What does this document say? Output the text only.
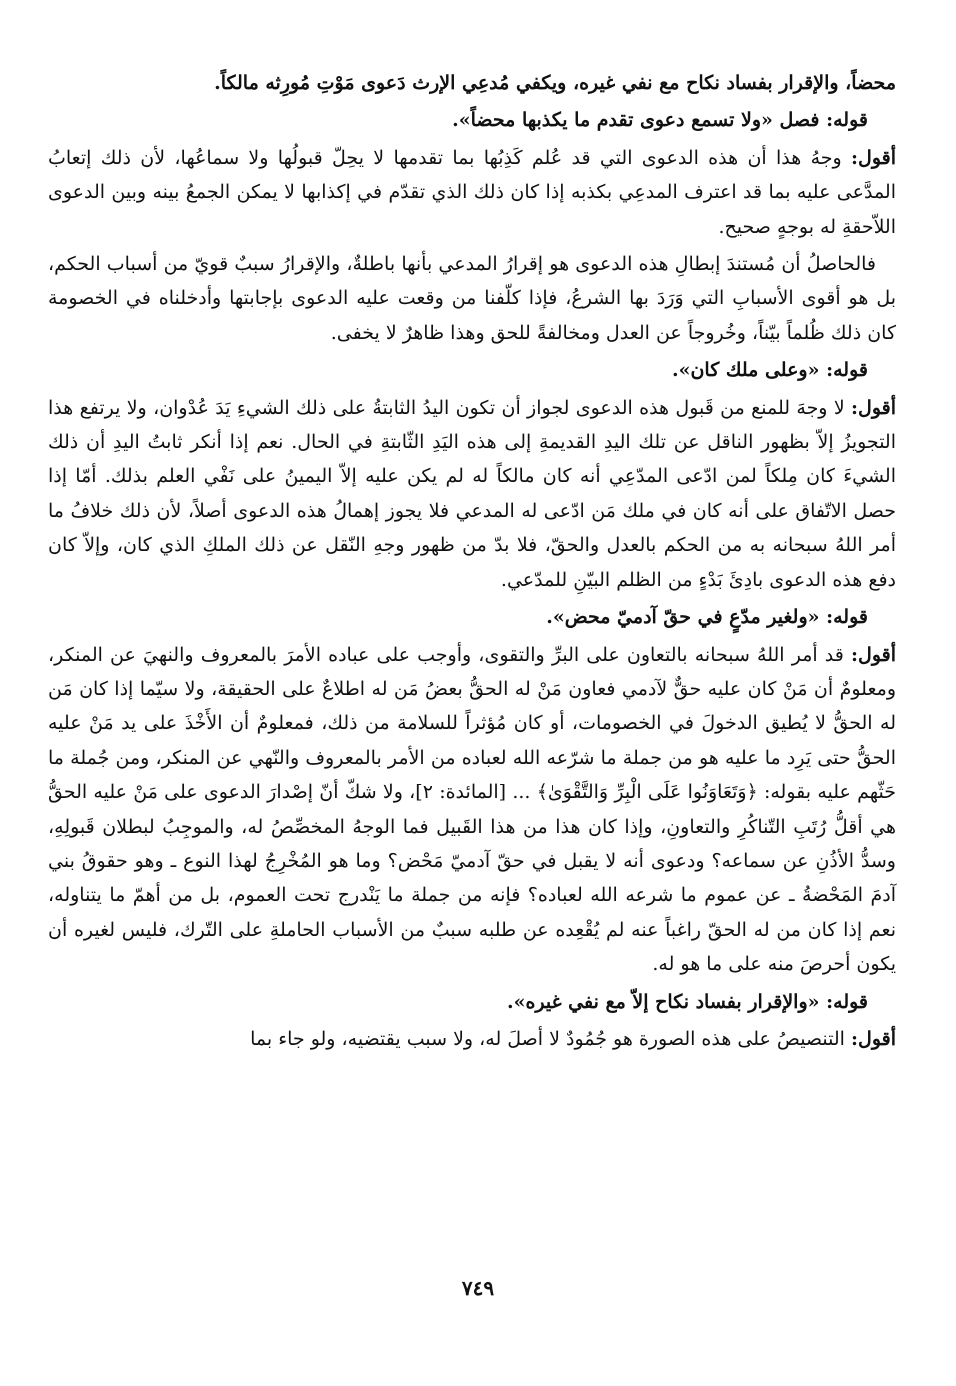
محضاً، والإقرار بفساد نكاح مع نفي غيره، ويكفي مُدعِي الإرث دَعوى مَوْتِ مُورِثه مالكاً.

قوله: فصل «ولا تسمع دعوى تقدم ما يكذبها محضاً».

أقول: وجهُ هذا أن هذه الدعوى التي قد عُلم كَذِبُها بما تقدمها لا يحِلّ قبولُها ولا سماعُها، لأن ذلك إتعابُ المدَّعى عليه بما قد اعترف المدعِي بكذبه إذا كان ذلك الذي تقدّم في إكذابها لا يمكن الجمعُ بينه وبين الدعوى اللاّحقةِ له بوجهٍ صحيح.

فالحاصلُ أن مُستندَ إبطالِ هذه الدعوى هو إقرارُ المدعي بأنها باطلةٌ، والإقرارُ سببٌ قويّ من أسباب الحكم، بل هو أقوى الأسبابِ التي وَرَدَ بها الشرعُ، فإذا كلّفنا من وقعت عليه الدعوى بإجابتها وأدخلناه في الخصومة كان ذلك ظُلماً بيّناً، وخُروجاً عن العدل ومخالفةً للحق وهذا ظاهرٌ لا يخفى.

قوله: «وعلى ملك كان».

أقول: لا وجهَ للمنع من قَبول هذه الدعوى لجواز أن تكون اليدُ الثابتةُ على ذلك الشيءِ يَدَ عُدْوان، ولا يرتفع هذا التجويزُ إلاّ بظهور الناقل عن تلك اليدِ القديمةِ إلى هذه اليَدِ الثّابتةِ في الحال. نعم إذا أنكر ثابتُ اليدِ أن ذلك الشيءَ كان مِلكاً لمن ادّعى المدّعِي أنه كان مالكاً له لم يكن عليه إلاّ اليمينُ على نَفْي العلم بذلك. أمّا إذا حصل الاتّفاق على أنه كان في ملك مَن ادّعى له المدعي فلا يجوز إهمالُ هذه الدعوى أصلاً، لأن ذلك خلافُ ما أمر اللهُ سبحانه به من الحكم بالعدل والحقّ، فلا بدّ من ظهور وجهِ النّقل عن ذلك الملكِ الذي كان، وإلاّ كان دفع هذه الدعوى بادِئَ بَدْءٍ من الظلم البيّنِ للمدّعي.

قوله: «ولغير مدّعٍ في حقّ آدميّ محض».

أقول: قد أمر اللهُ سبحانه بالتعاون على البرِّ والتقوى، وأوجب على عباده الأمرَ بالمعروف والنهيَ عن المنكر، ومعلومٌ أن مَنْ كان عليه حقٌّ لآدمي فعاون مَنْ له الحقُّ بعضُ مَن له اطلاعٌ على الحقيقة، ولا سيّما إذا كان مَن له الحقُّ لا يُطيق الدخولَ في الخصومات، أو كان مُؤثراً للسلامة من ذلك، فمعلومٌ أن الأَخْذَ على يد مَنْ عليه الحقُّ حتى يَرِد ما عليه هو من جملة ما شرّعه الله لعباده من الأمر بالمعروف والنّهي عن المنكر، ومن جُملة ما حَثّهم عليه بقوله: ﴿وَتَعَاوَنُوا عَلَى الْبِرِّ وَالتَّقْوَىٰ﴾ ... [المائدة: ٢]، ولا شكّ أنّ إصْدارَ الدعوى على مَنْ عليه الحقُّ هي أقلُّ رُتَبِ التّناكُرِ والتعاونِ، وإذا كان هذا من هذا القَبيل فما الوجهُ المخصِّصُ له، والموجِبُ لبطلان قَبولِهِ، وسدُّ الأذُنِ عن سماعه؟ ودعوى أنه لا يقبل في حقّ آدميّ مَحْض؟ وما هو المُخْرِجُ لهذا النوع ـ وهو حقوقُ بني آدمَ المَحْضةُ ـ عن عموم ما شرعه الله لعباده؟ فإنه من جملة ما يَنْدرج تحت العموم، بل من أهمّ ما يتناوله، نعم إذا كان من له الحقّ راغباً عنه لم يُقْعِده عن طلبه سببٌ من الأسباب الحاملةِ على التّرك، فليس لغيره أن يكون أحرصَ منه على ما هو له.

قوله: «والإقرار بفساد نكاح إلاّ مع نفي غيره».

أقول: التنصيصُ على هذه الصورة هو جُمُودٌ لا أصلَ له، ولا سبب يقتضيه، ولو جاء بما

٧٤٩
